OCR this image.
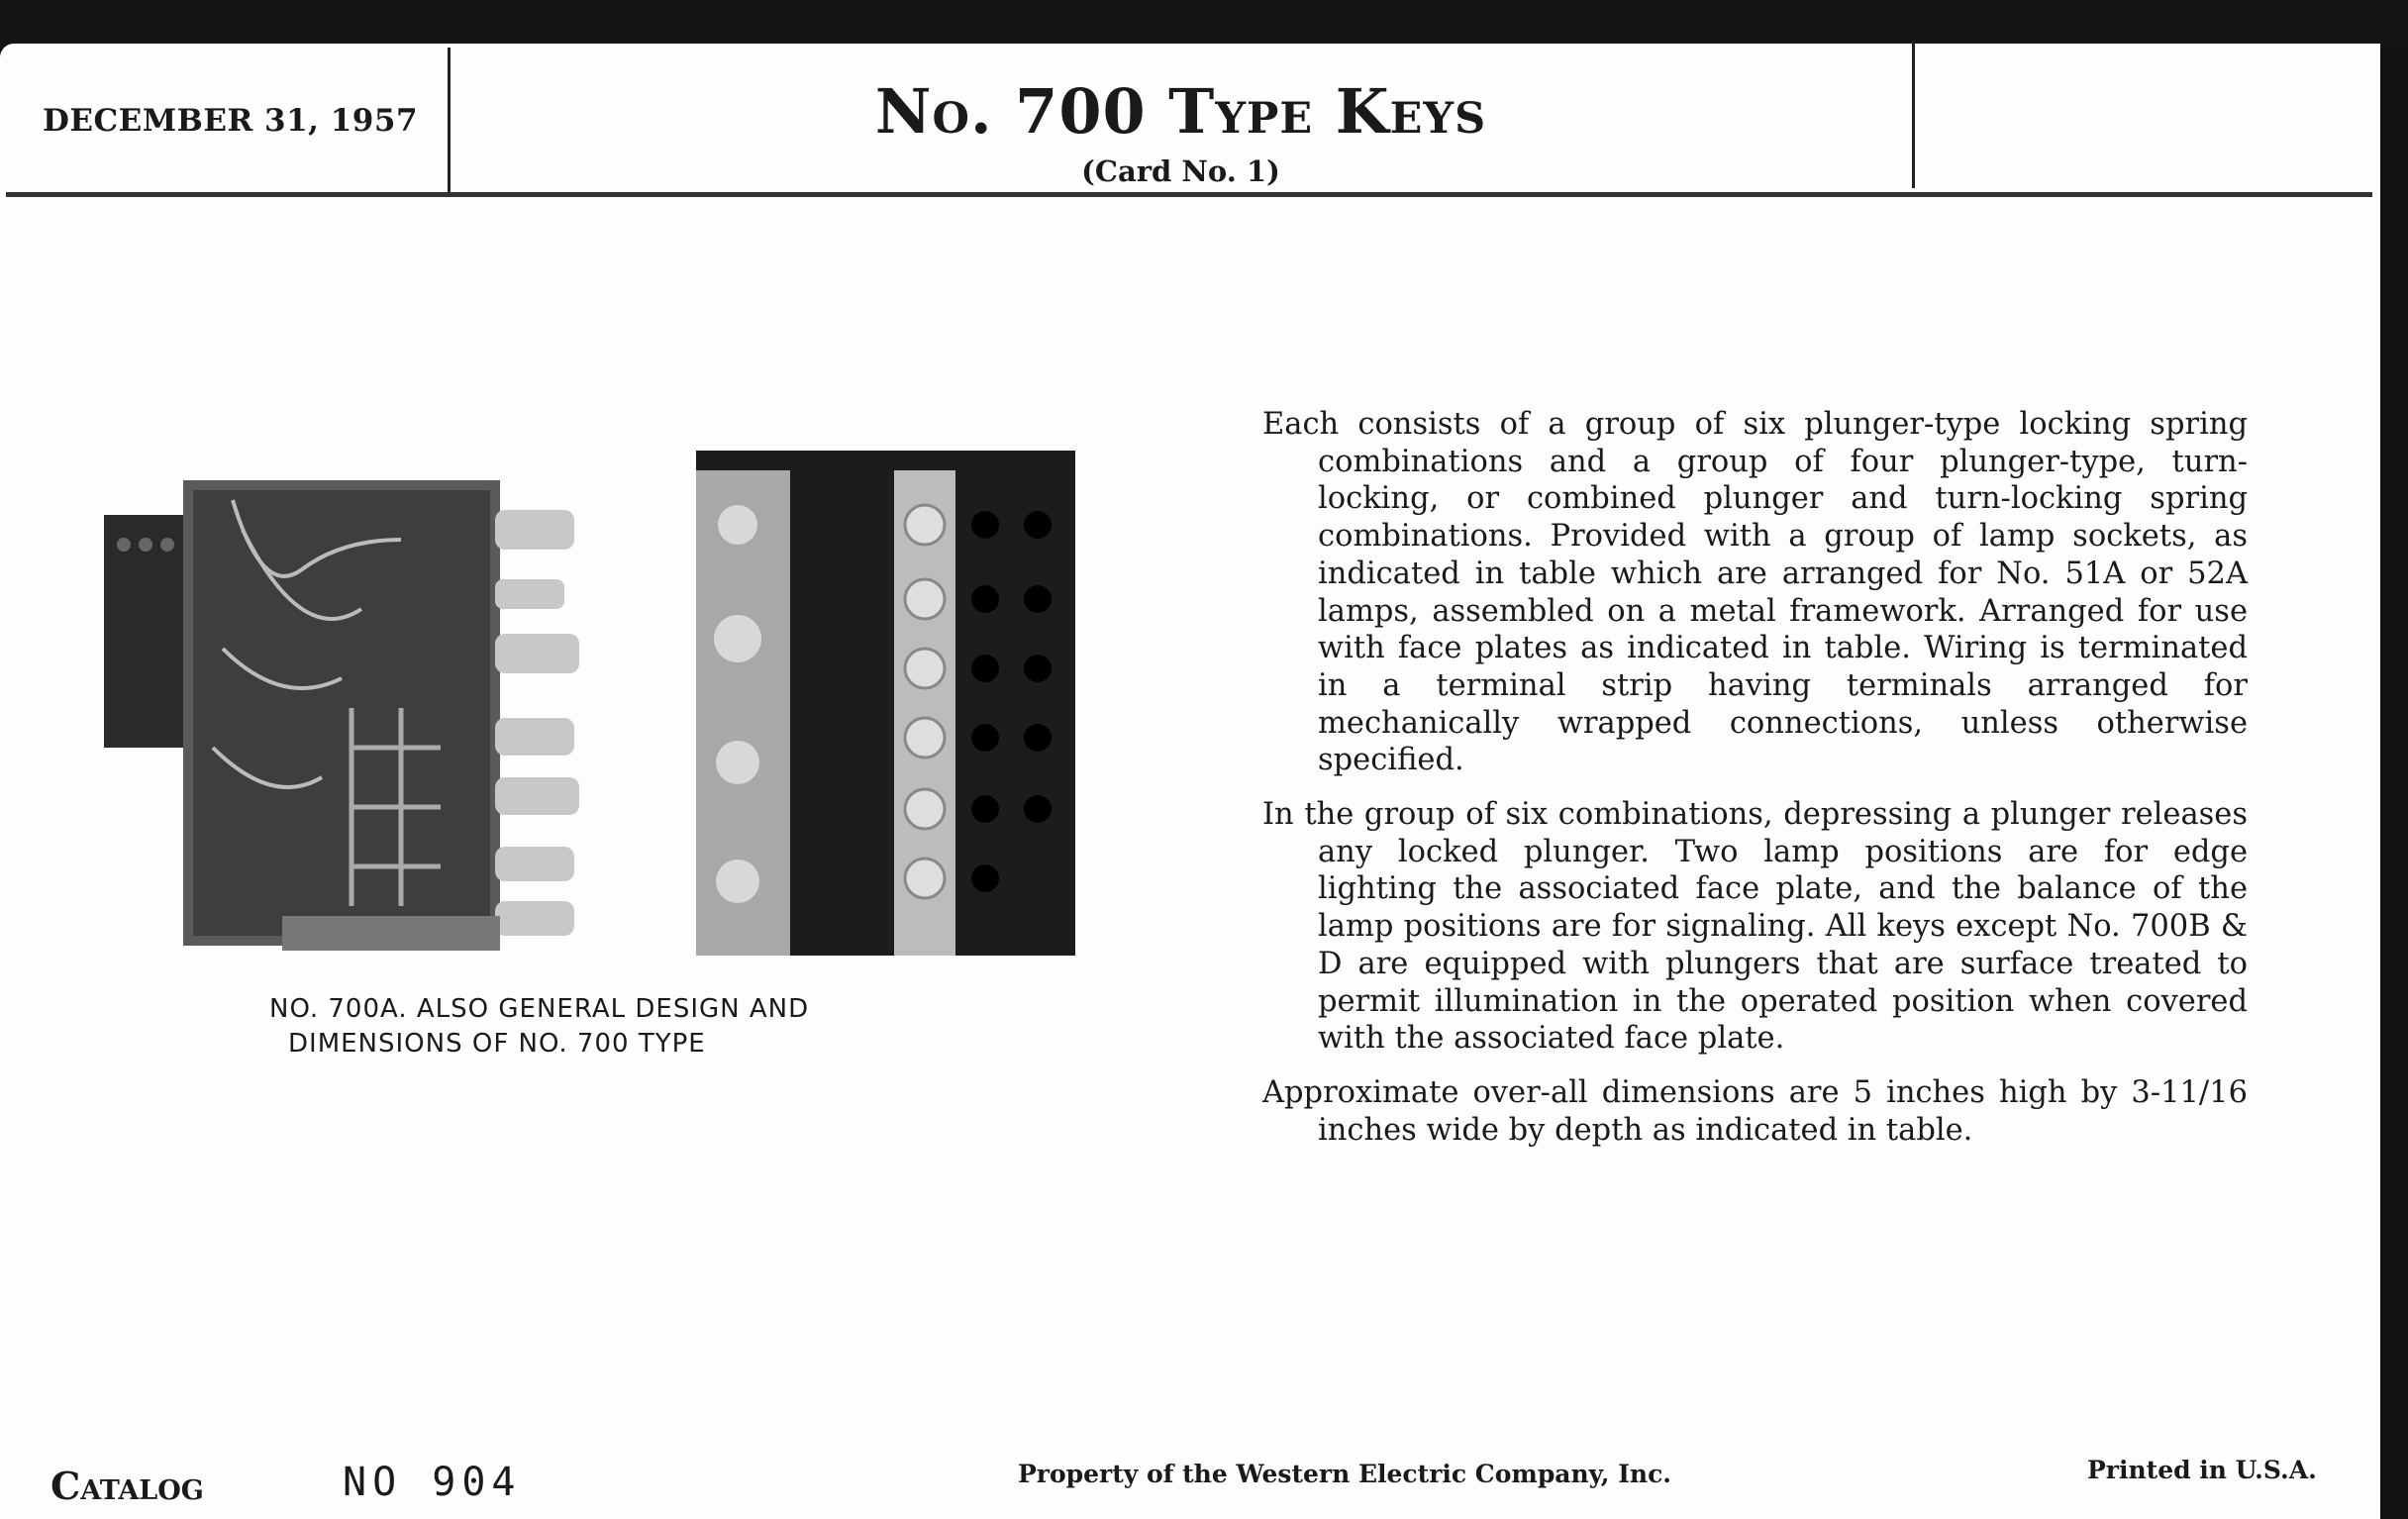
DECEMBER 31, 1957	No. 700 Type Keys
(Card No. 1)
NO. 700A. ALSO GENERAL DESIGN AND
DIMENSIONS OF NO. 700 TYPE

Each consists of a group of six plunger-type locking spring combinations and a group of four plunger-type, turn-locking, or combined plunger and turn-locking spring combinations. Provided with a group of lamp sockets, as indicated in table which are arranged for No. 51A or 52A lamps, assembled on a metal framework. Arranged for use with face plates as indicated in table. Wiring is terminated in a terminal strip having terminals arranged for mechanically wrapped connections, unless otherwise specified.

In the group of six combinations, depressing a plunger releases any locked plunger. Two lamp positions are for edge lighting the associated face plate, and the balance of the lamp positions are for signaling. All keys except No. 700B & D are equipped with plungers that are surface treated to permit illumination in the operated position when covered with the associated face plate.

Approximate over-all dimensions are 5 inches high by 3-11/16 inches wide by depth as indicated in table.

Catalog	NO 904	Property of the Western Electric Company, Inc.	Printed in U.S.A.
